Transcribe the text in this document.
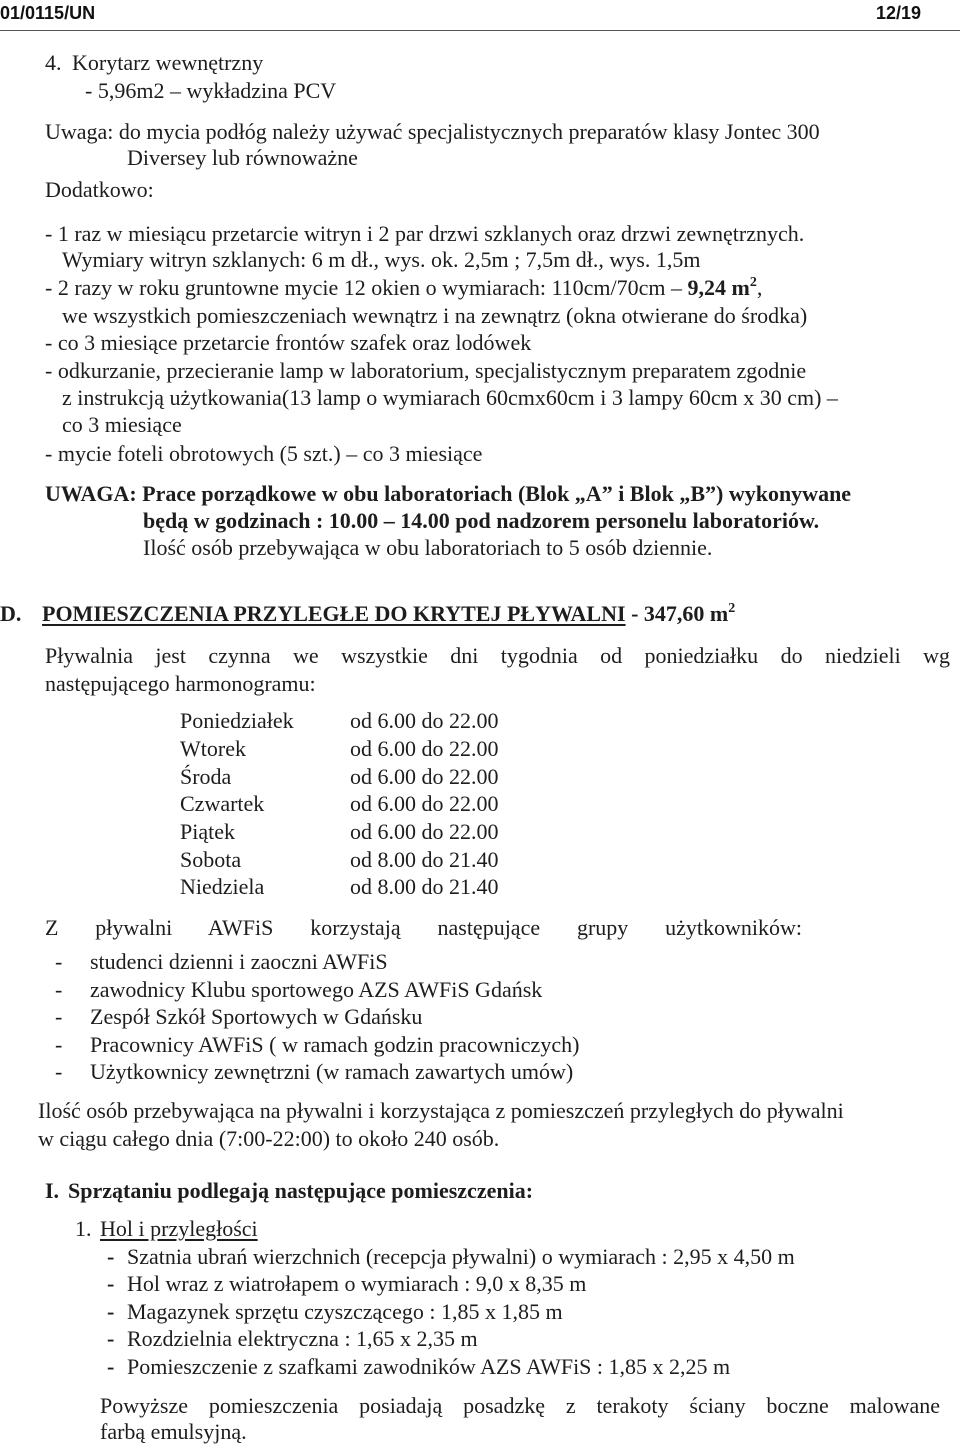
01/0115/UN	12/19
4. Korytarz wewnętrzny
- 5,96m2 – wykładzina PCV
Uwaga: do mycia podłóg należy używać specjalistycznych preparatów klasy Jontec 300
Diversey lub równoważne
Dodatkowo:
- 1 raz w miesiącu przetarcie witryn i 2 par drzwi szklanych oraz drzwi zewnętrznych.
Wymiary witryn szklanych: 6 m dł., wys. ok. 2,5m ; 7,5m dł., wys. 1,5m
- 2 razy w roku gruntowne mycie 12 okien o wymiarach: 110cm/70cm – 9,24 $m^2$,
we wszystkich pomieszczeniach wewnątrz i na zewnątrz (okna otwierane do środka)
- co 3 miesiące przetarcie frontów szafek oraz lodówek
- odkurzanie, przecieranie lamp w laboratorium, specjalistycznym preparatem zgodnie
z instrukcją użytkowania(13 lamp o wymiarach 60cmx60cm i 3 lampy 60cm x 30 cm) –
co 3 miesiące
- mycie foteli obrotowych (5 szt.) – co 3 miesiące
UWAGA: Prace porządkowe w obu laboratoriach (Blok „A” i Blok „B”) wykonywane
będą w godzinach : 10.00 – 14.00 pod nadzorem personelu laboratoriów.
Ilość osób przebywająca w obu laboratoriach to 5 osób dziennie.
D. POMIESZCZENIA PRZYLEGŁE DO KRYTEJ PŁYWALNI - 347,60 $m^2$
Pływalnia jest czynna we wszystkie dni tygodnia od poniedziałku do niedzieli wg
następującego harmonogramu:
Poniedziałek	od 6.00 do 22.00
Wtorek	od 6.00 do 22.00
Środa	od 6.00 do 22.00
Czwartek	od 6.00 do 22.00
Piątek	od 6.00 do 22.00
Sobota	od 8.00 do 21.40
Niedziela	od 8.00 do 21.40
Z pływalni AWFiS korzystają następujące grupy użytkowników:
- studenci dzienni i zaoczni AWFiS
- zawodnicy Klubu sportowego AZS AWFiS Gdańsk
- Zespół Szkół Sportowych w Gdańsku
- Pracownicy AWFiS ( w ramach godzin pracowniczych)
- Użytkownicy zewnętrzni (w ramach zawartych umów)
Ilość osób przebywająca na pływalni i korzystająca z pomieszczeń przyległych do pływalni
w ciągu całego dnia (7:00-22:00) to około 240 osób.
I. Sprzątaniu podlegają następujące pomieszczenia:
1. Hol i przyległości
- Szatnia ubrań wierzchnich (recepcja pływalni) o wymiarach : 2,95 x 4,50 m
- Hol wraz z wiatrołapem o wymiarach : 9,0 x 8,35 m
- Magazynek sprzętu czyszczącego : 1,85 x 1,85 m
- Rozdzielnia elektryczna : 1,65 x 2,35 m
- Pomieszczenie z szafkami zawodników AZS AWFiS : 1,85 x 2,25 m
Powyższe pomieszczenia posiadają posadzkę z terakoty ściany boczne malowane
farbą emulsyjną.
